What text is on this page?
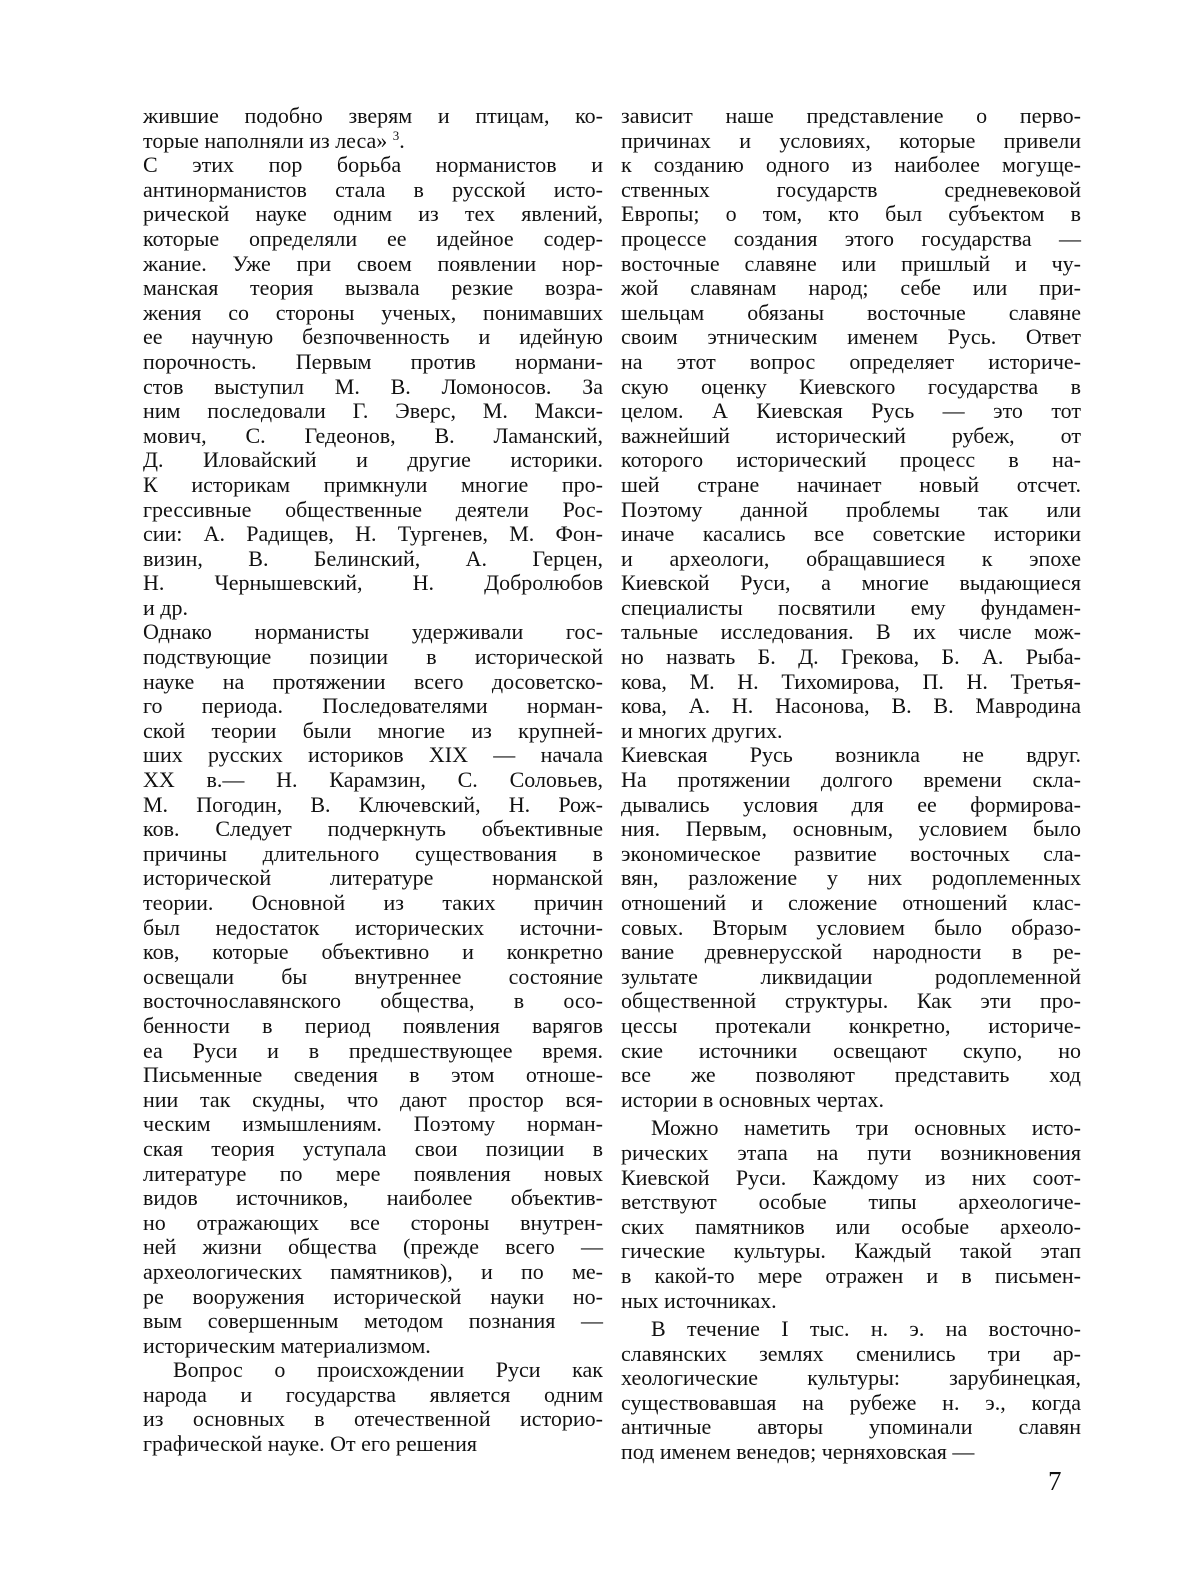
жившие подобно зверям и птицам, ко-
торые наполняли из леса» $^3$.
С этих пор борьба норманистов и
антинорманистов стала в русской исто-
рической науке одним из тех явлений,
которые определяли ее идейное содер-
жание. Уже при своем появлении нор-
манская теория вызвала резкие возра-
жения со стороны ученых, понимавших
ее научную безпочвенность и идейную
порочность. Первым против нормани-
стов выступил М. В. Ломоносов. За
ним последовали Г. Эверс, М. Макси-
мович, С. Гедеонов, В. Ламанский,
Д. Иловайский и другие историки.
К историкам примкнули многие про-
грессивные общественные деятели Рос-
сии: А. Радищев, Н. Тургенев, М. Фон-
визин, В. Белинский, А. Герцен,
Н. Чернышевский, Н. Добролюбов
и др.
Однако норманисты удерживали гос-
подствующие позиции в исторической
науке на протяжении всего досоветско-
го периода. Последователями норман-
ской теории были многие из крупней-
ших русских историков XIX — начала
XX в.— Н. Карамзин, С. Соловьев,
М. Погодин, В. Ключевский, Н. Рож-
ков. Следует подчеркнуть объективные
причины длительного существования в
исторической литературе норманской
теории. Основной из таких причин
был недостаток исторических источни-
ков, которые объективно и конкретно
освещали бы внутреннее состояние
восточнославянского общества, в осо-
бенности в период появления варягов
еа Руси и в предшествующее время.
Письменные сведения в этом отноше-
нии так скудны, что дают простор вся-
ческим измышлениям. Поэтому норман-
ская теория уступала свои позиции в
литературе по мере появления новых
видов источников, наиболее объектив-
но отражающих все стороны внутрен-
ней жизни общества (прежде всего —
археологических памятников), и по ме-
ре вооружения исторической науки но-
вым совершенным методом познания —
историческим материализмом.
Вопрос о происхождении Руси как
народа и государства является одним
из основных в отечественной историо-
графической науке. От его решения
зависит наше представление о перво-
причинах и условиях, которые привели
к созданию одного из наиболее могуще-
ственных государств средневековой
Европы; о том, кто был субъектом в
процессе создания этого государства —
восточные славяне или пришлый и чу-
жой славянам народ; себе или при-
шельцам обязаны восточные славяне
своим этническим именем Русь. Ответ
на этот вопрос определяет историче-
скую оценку Киевского государства в
целом. А Киевская Русь — это тот
важнейший исторический рубеж, от
которого исторический процесс в на-
шей стране начинает новый отсчет.
Поэтому данной проблемы так или
иначе касались все советские историки
и археологи, обращавшиеся к эпохе
Киевской Руси, а многие выдающиеся
специалисты посвятили ему фундамен-
тальные исследования. В их числе мож-
но назвать Б. Д. Грекова, Б. А. Рыба-
кова, М. Н. Тихомирова, П. Н. Третья-
кова, А. Н. Насонова, В. В. Мавродина
и многих других.
Киевская Русь возникла не вдруг.
На протяжении долгого времени скла-
дывались условия для ее формирова-
ния. Первым, основным, условием было
экономическое развитие восточных сла-
вян, разложение у них родоплеменных
отношений и сложение отношений клас-
совых. Вторым условием было образо-
вание древнерусской народности в ре-
зультате ликвидации родоплеменной
общественной структуры. Как эти про-
цессы протекали конкретно, историче-
ские источники освещают скупо, но
все же позволяют представить ход
истории в основных чертах.
Можно наметить три основных исто-
рических этапа на пути возникновения
Киевской Руси. Каждому из них соот-
ветствуют особые типы археологиче-
ских памятников или особые археоло-
гические культуры. Каждый такой этап
в какой-то мере отражен и в письмен-
ных источниках.
В течение I тыс. н. э. на восточно-
славянских землях сменились три ар-
хеологические культуры: зарубинецкая,
существовавшая на рубеже н. э., когда
античные авторы упоминали славян
под именем венедов; черняховская —
7
